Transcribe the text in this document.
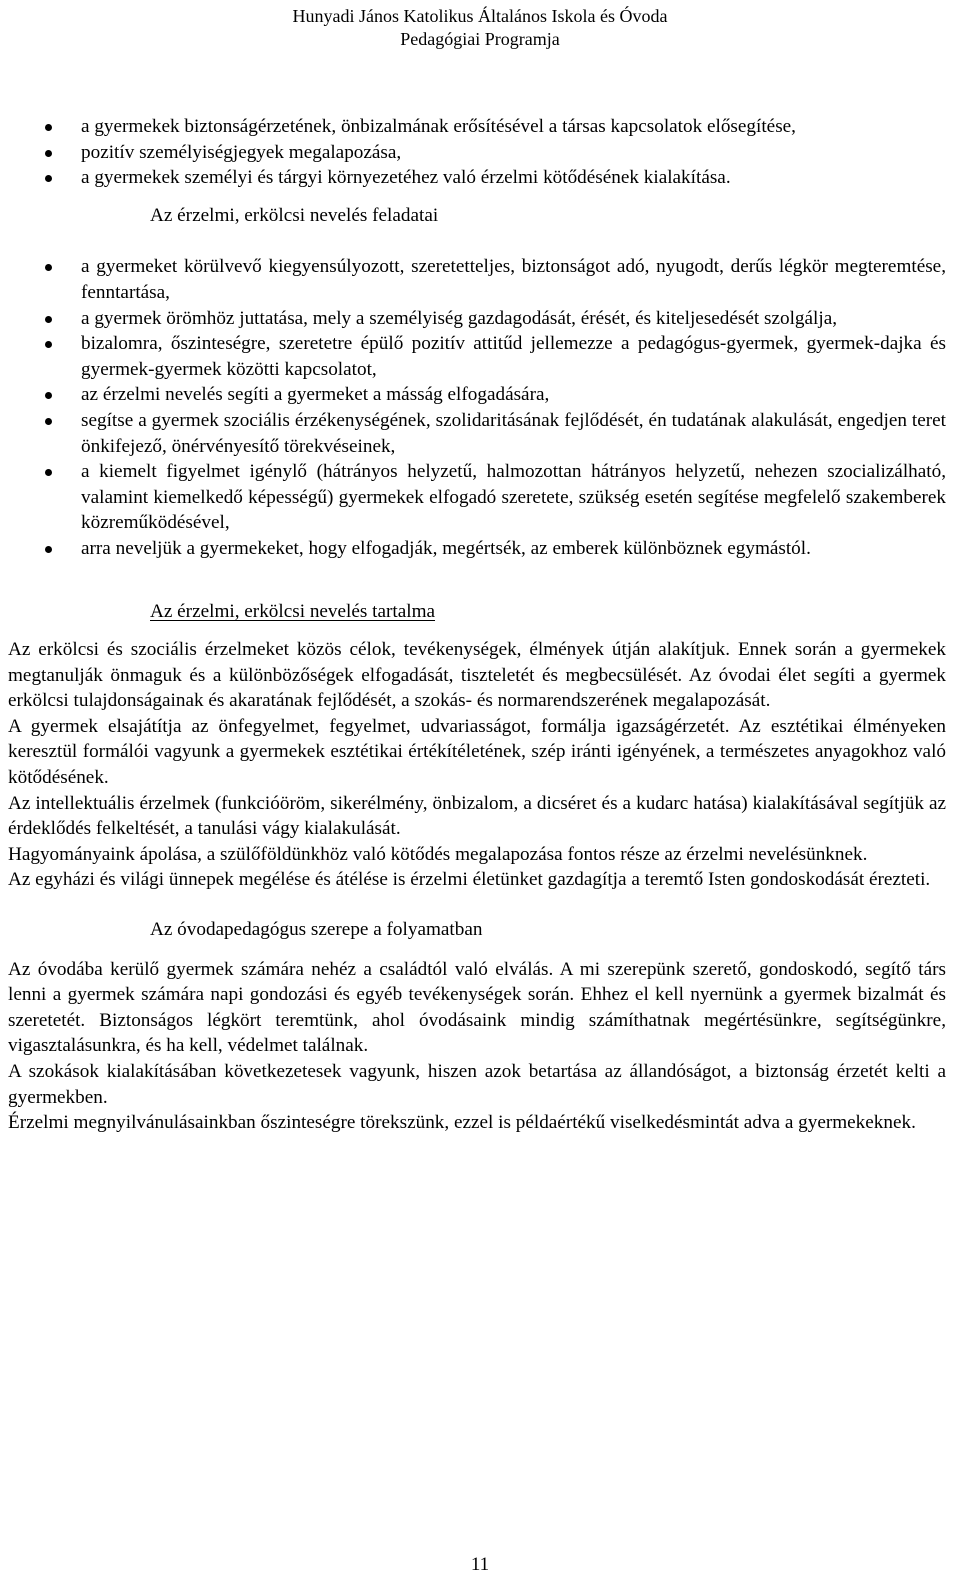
Hunyadi János Katolikus Általános Iskola és Óvoda
Pedagógiai Programja
a gyermekek biztonságérzetének, önbizalmának erősítésével a társas kapcsolatok elősegítése,
pozitív személyiségjegyek megalapozása,
a gyermekek személyi és tárgyi környezetéhez való érzelmi kötődésének kialakítása.

Az érzelmi, erkölcsi nevelés feladatai

a gyermeket körülvevő kiegyensúlyozott, szeretetteljes, biztonságot adó, nyugodt, derűs légkör megteremtése, fenntartása,
a gyermek örömhöz juttatása, mely a személyiség gazdagodását, érését, és kiteljesedését szolgálja,
bizalomra, őszinteségre, szeretetre épülő pozitív attitűd jellemezze a pedagógus-gyermek, gyermek-dajka és gyermek-gyermek közötti kapcsolatot,
az érzelmi nevelés segíti a gyermeket a másság elfogadására,
segítse a gyermek szociális érzékenységének, szolidaritásának fejlődését, én tudatának alakulását, engedjen teret önkifejező, önérvényesítő törekvéseinek,
a kiemelt figyelmet igénylő (hátrányos helyzetű, halmozottan hátrányos helyzetű, nehezen szocializálható, valamint kiemelkedő képességű) gyermekek elfogadó szeretete, szükség esetén segítése megfelelő szakemberek közreműködésével,
arra neveljük a gyermekeket, hogy elfogadják, megértsék, az emberek különböznek egymástól.

Az érzelmi, erkölcsi nevelés tartalma

Az erkölcsi és szociális érzelmeket közös célok, tevékenységek, élmények útján alakítjuk. Ennek során a gyermekek megtanulják önmaguk és a különbözőségek elfogadását, tiszteletét és megbecsülését. Az óvodai élet segíti a gyermek erkölcsi tulajdonságainak és akaratának fejlődését, a szokás- és normarendszerének megalapozását.

A gyermek elsajátítja az önfegyelmet, fegyelmet, udvariasságot, formálja igazságérzetét. Az esztétikai élményeken keresztül formálói vagyunk a gyermekek esztétikai értékítéletének, szép iránti igényének, a természetes anyagokhoz való kötődésének.

Az intellektuális érzelmek (funkcióöröm, sikerélmény, önbizalom, a dicséret és a kudarc hatása) kialakításával segítjük az érdeklődés felkeltését, a tanulási vágy kialakulását.

Hagyományaink ápolása, a szülőföldünkhöz való kötődés megalapozása fontos része az érzelmi nevelésünknek.

Az egyházi és világi ünnepek megélése és átélése is érzelmi életünket gazdagítja a teremtő Isten gondoskodását érezteti.

Az óvodapedagógus szerepe a folyamatban

Az óvodába kerülő gyermek számára nehéz a családtól való elválás. A mi szerepünk szerető, gondoskodó, segítő társ lenni a gyermek számára napi gondozási és egyéb tevékenységek során. Ehhez el kell nyernünk a gyermek bizalmát és szeretetét. Biztonságos légkört teremtünk, ahol óvodásaink mindig számíthatnak megértésünkre, segítségünkre, vigasztalásunkra, és ha kell, védelmet találnak.

A szokások kialakításában következetesek vagyunk, hiszen azok betartása az állandóságot, a biztonság érzetét kelti a gyermekben.

Érzelmi megnyilvánulásainkban őszinteségre törekszünk, ezzel is példaértékű viselkedésmintát adva a gyermekeknek.

11
